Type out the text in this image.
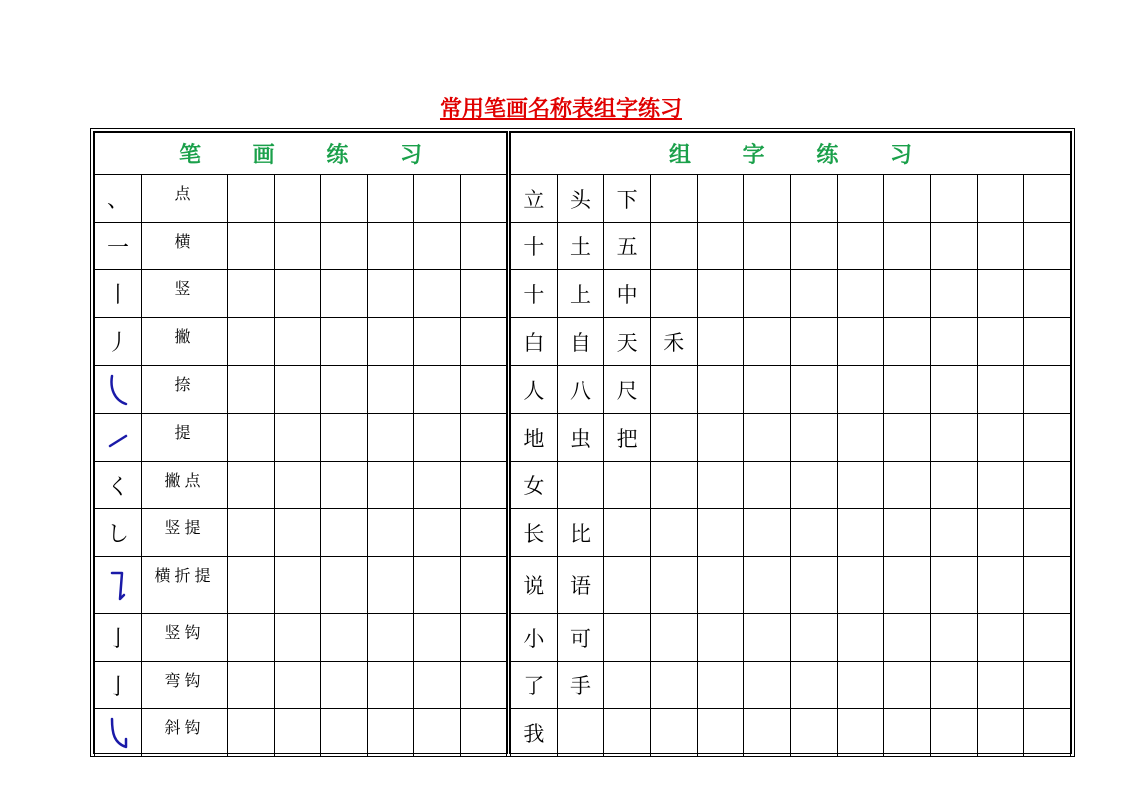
常用笔画名称表组字练习
笔 画 练 习							
、	点						
一	横						
丨	竖						
丿	撇						

	捺						

	提						
く	撇点						
し	竖提						

	横折提						
亅	竖钩						
亅	弯钩						

	斜钩						
组 字 练 习											
立	头	下									
十	土	五									
十	上	中									
白	自	天	禾								
人	八	尺									
地	虫	把									
女											
长	比										
说	语										
小	可										
了	手										
我											
